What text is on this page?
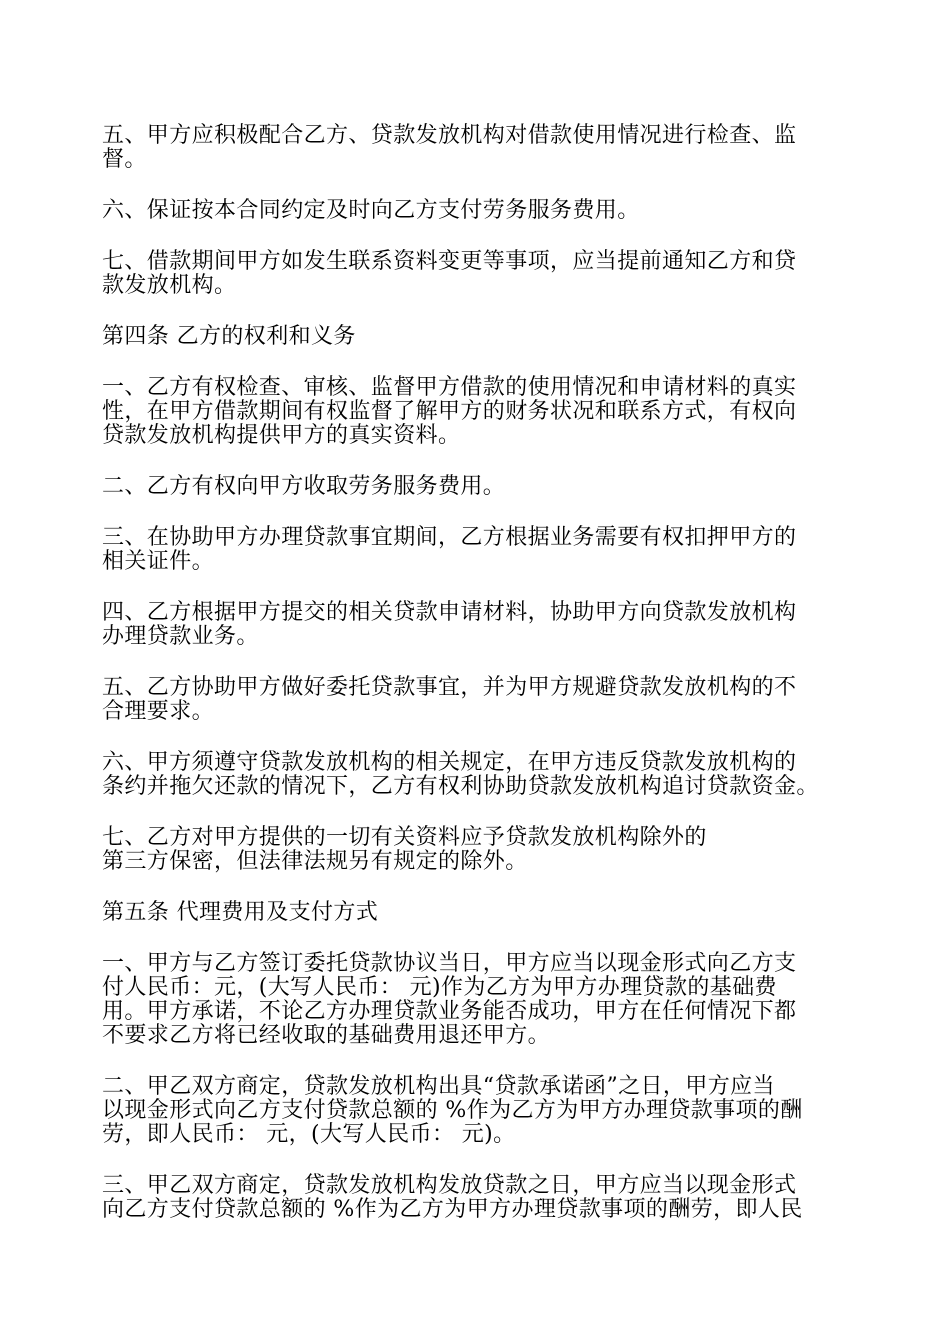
五、甲方应积极配合乙方、贷款发放机构对借款使用情况进行检查、监
督。

六、保证按本合同约定及时向乙方支付劳务服务费用。

七、借款期间甲方如发生联系资料变更等事项，应当提前通知乙方和贷
款发放机构。

第四条 乙方的权利和义务

一、乙方有权检查、审核、监督甲方借款的使用情况和申请材料的真实
性，在甲方借款期间有权监督了解甲方的财务状况和联系方式，有权向
贷款发放机构提供甲方的真实资料。

二、乙方有权向甲方收取劳务服务费用。

三、在协助甲方办理贷款事宜期间，乙方根据业务需要有权扣押甲方的
相关证件。

四、乙方根据甲方提交的相关贷款申请材料，协助甲方向贷款发放机构
办理贷款业务。

五、乙方协助甲方做好委托贷款事宜，并为甲方规避贷款发放机构的不
合理要求。

六、甲方须遵守贷款发放机构的相关规定，在甲方违反贷款发放机构的
条约并拖欠还款的情况下，乙方有权利协助贷款发放机构追讨贷款资金。

七、乙方对甲方提供的一切有关资料应予贷款发放机构除外的
第三方保密，但法律法规另有规定的除外。

第五条 代理费用及支付方式

一、甲方与乙方签订委托贷款协议当日，甲方应当以现金形式向乙方支
付人民币：元，(大写人民币： 元)作为乙方为甲方办理贷款的基础费
用。甲方承诺，不论乙方办理贷款业务能否成功，甲方在任何情况下都
不要求乙方将已经收取的基础费用退还甲方。

二、甲乙双方商定，贷款发放机构出具“贷款承诺函”之日，甲方应当
以现金形式向乙方支付贷款总额的 %作为乙方为甲方办理贷款事项的酬
劳，即人民币： 元，(大写人民币： 元)。

三、甲乙双方商定，贷款发放机构发放贷款之日，甲方应当以现金形式
向乙方支付贷款总额的 %作为乙方为甲方办理贷款事项的酬劳，即人民
